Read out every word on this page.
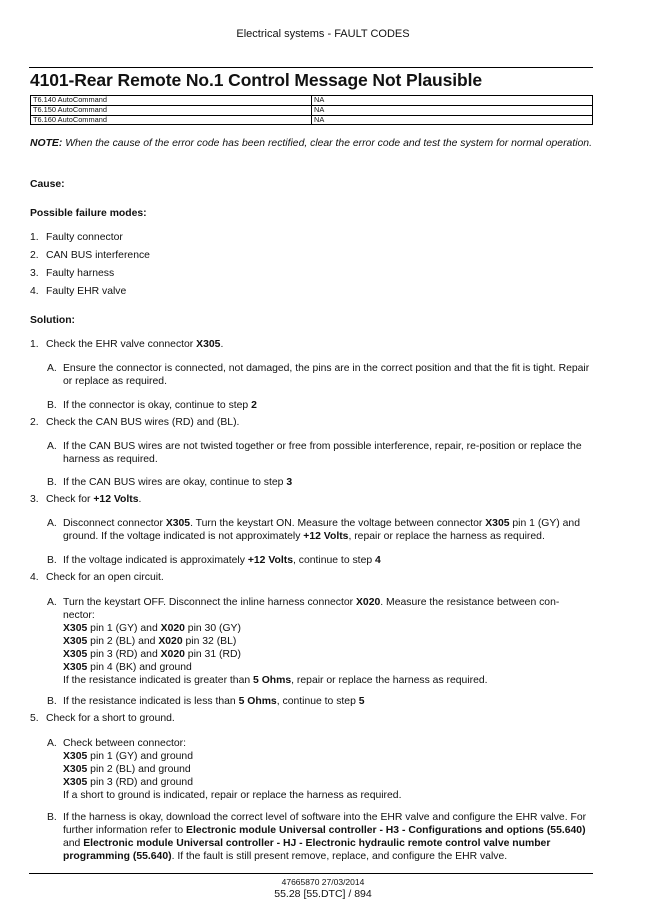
Electrical systems - FAULT CODES
4101-Rear Remote No.1 Control Message Not Plausible
T6.140 AutoCommand	NA
T6.150 AutoCommand	NA
T6.160 AutoCommand	NA
NOTE: When the cause of the error code has been rectified, clear the error code and test the system for normal operation.
Cause:
Possible failure modes:
1. Faulty connector
2. CAN BUS interference
3. Faulty harness
4. Faulty EHR valve
Solution:
1. Check the EHR valve connector X305.
A. Ensure the connector is connected, not damaged, the pins are in the correct position and that the fit is tight. Repair or replace as required.
B. If the connector is okay, continue to step 2
2. Check the CAN BUS wires (RD) and (BL).
A. If the CAN BUS wires are not twisted together or free from possible interference, repair, re-position or replace the harness as required.
B. If the CAN BUS wires are okay, continue to step 3
3. Check for +12 Volts.
A. Disconnect connector X305. Turn the keystart ON. Measure the voltage between connector X305 pin 1 (GY) and ground. If the voltage indicated is not approximately +12 Volts, repair or replace the harness as required.
B. If the voltage indicated is approximately +12 Volts, continue to step 4
4. Check for an open circuit.
A. Turn the keystart OFF. Disconnect the inline harness connector X020. Measure the resistance between con-
nector:
X305 pin 1 (GY) and X020 pin 30 (GY)
X305 pin 2 (BL) and X020 pin 32 (BL)
X305 pin 3 (RD) and X020 pin 31 (RD)
X305 pin 4 (BK) and ground
If the resistance indicated is greater than 5 Ohms, repair or replace the harness as required.
B. If the resistance indicated is less than 5 Ohms, continue to step 5
5. Check for a short to ground.
A. Check between connector:
X305 pin 1 (GY) and ground
X305 pin 2 (BL) and ground
X305 pin 3 (RD) and ground
If a short to ground is indicated, repair or replace the harness as required.
B. If the harness is okay, download the correct level of software into the EHR valve and configure the EHR valve. For further information refer to Electronic module Universal controller - H3 - Configurations and options (55.640) and Electronic module Universal controller - HJ - Electronic hydraulic remote control valve number programming (55.640). If the fault is still present remove, replace, and configure the EHR valve.
47665870 27/03/2014
55.28 [55.DTC] / 894
